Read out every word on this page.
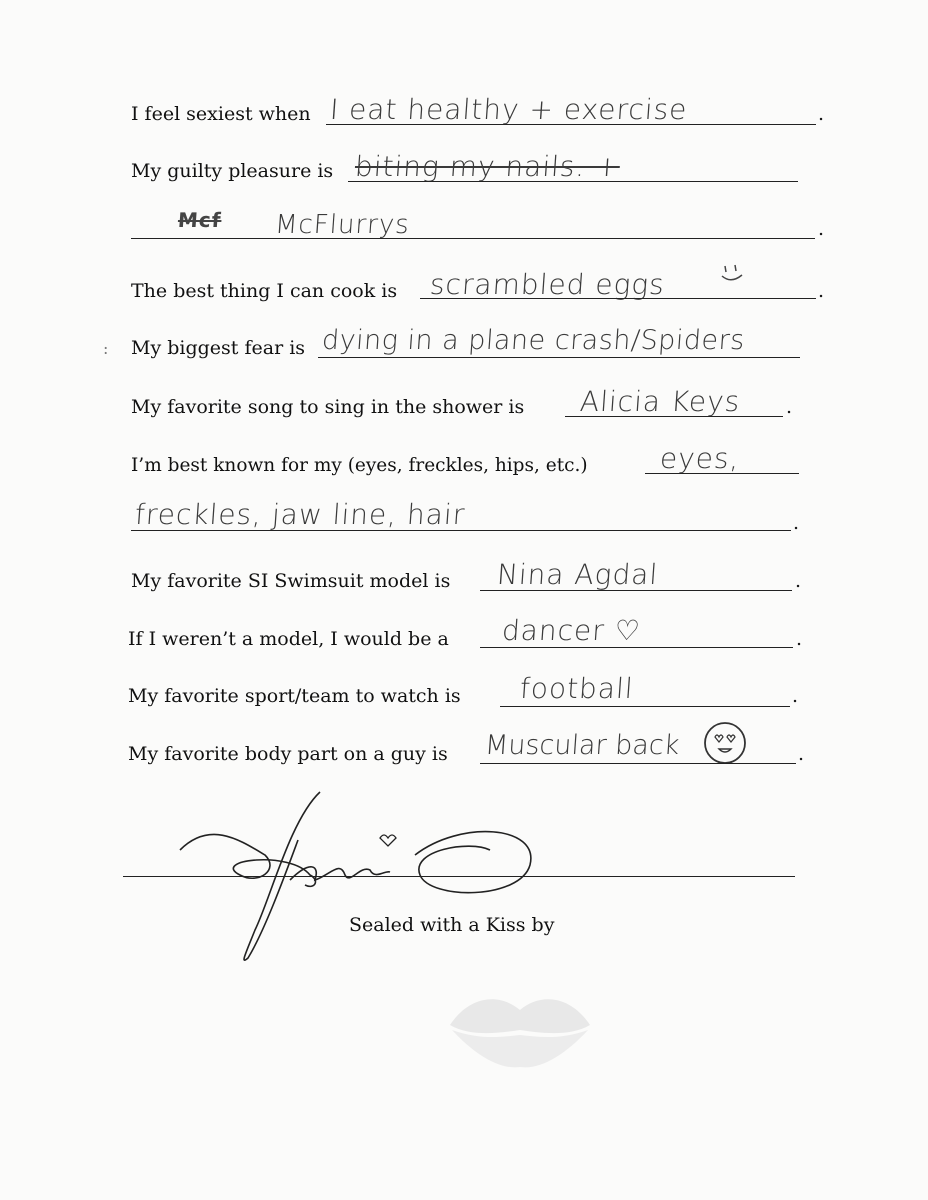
I feel sexiest when I eat healthy + exercise	.
My guilty pleasure is biting my nails. +
Mcf McFlurrys	.
The best thing I can cook is scrambled eggs	.
: My biggest fear is dying in a plane crash/Spiders
My favorite song to sing in the shower is Alicia Keys .
I’m best known for my (eyes, freckles, hips, etc.)	eyes,
freckles, jaw line, hair	.
My favorite SI Swimsuit model is Nina Agdal	.
If I weren’t a model, I would be a dancer ♡	.
My favorite sport/team to watch is football	.
My favorite body part on a guy is Muscular back	.
Sealed with a Kiss by
